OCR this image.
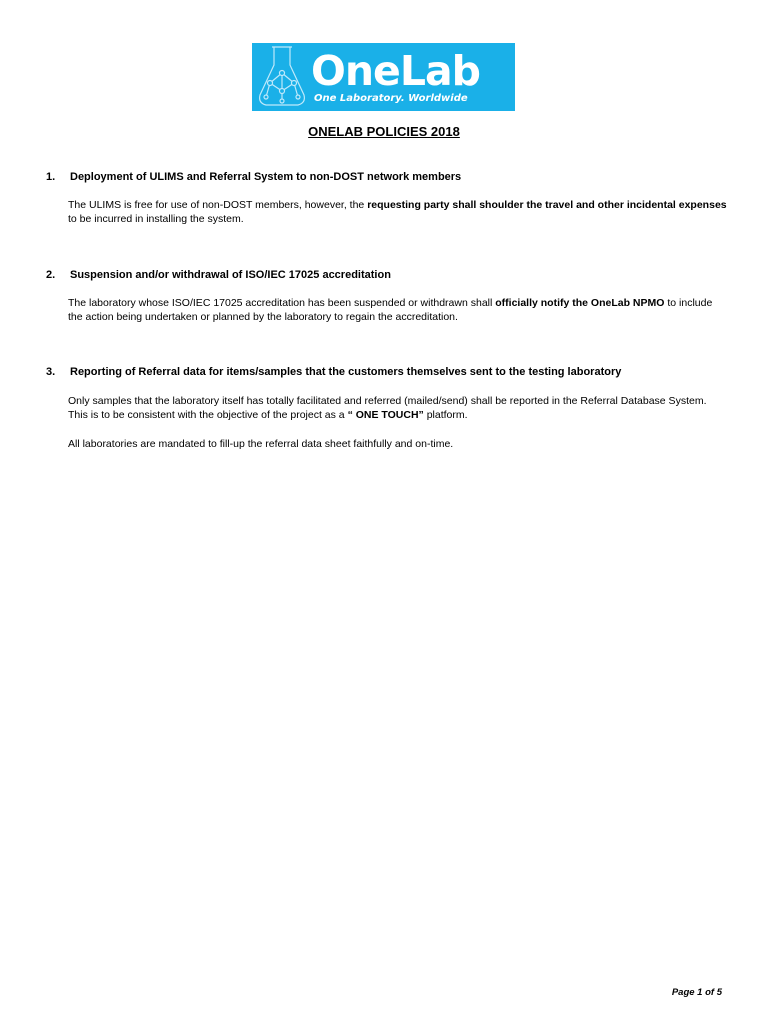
OneLab
One Laboratory. Worldwide
ONELAB POLICIES 2018
1. Deployment of ULIMS and Referral System to non-DOST network members
The ULIMS is free for use of non-DOST members, however, the requesting party shall shoulder the travel and other incidental expenses to be incurred in installing the system.
2. Suspension and/or withdrawal of ISO/IEC 17025 accreditation
The laboratory whose ISO/IEC 17025 accreditation has been suspended or withdrawn shall officially notify the OneLab NPMO to include the action being undertaken or planned by the laboratory to regain the accreditation.
3. Reporting of Referral data for items/samples that the customers themselves sent to the testing laboratory
Only samples that the laboratory itself has totally facilitated and referred (mailed/send) shall be reported in the Referral Database System. This is to be consistent with the objective of the project as a “ ONE TOUCH” platform.
All laboratories are mandated to fill-up the referral data sheet faithfully and on-time.
Page 1 of 5
